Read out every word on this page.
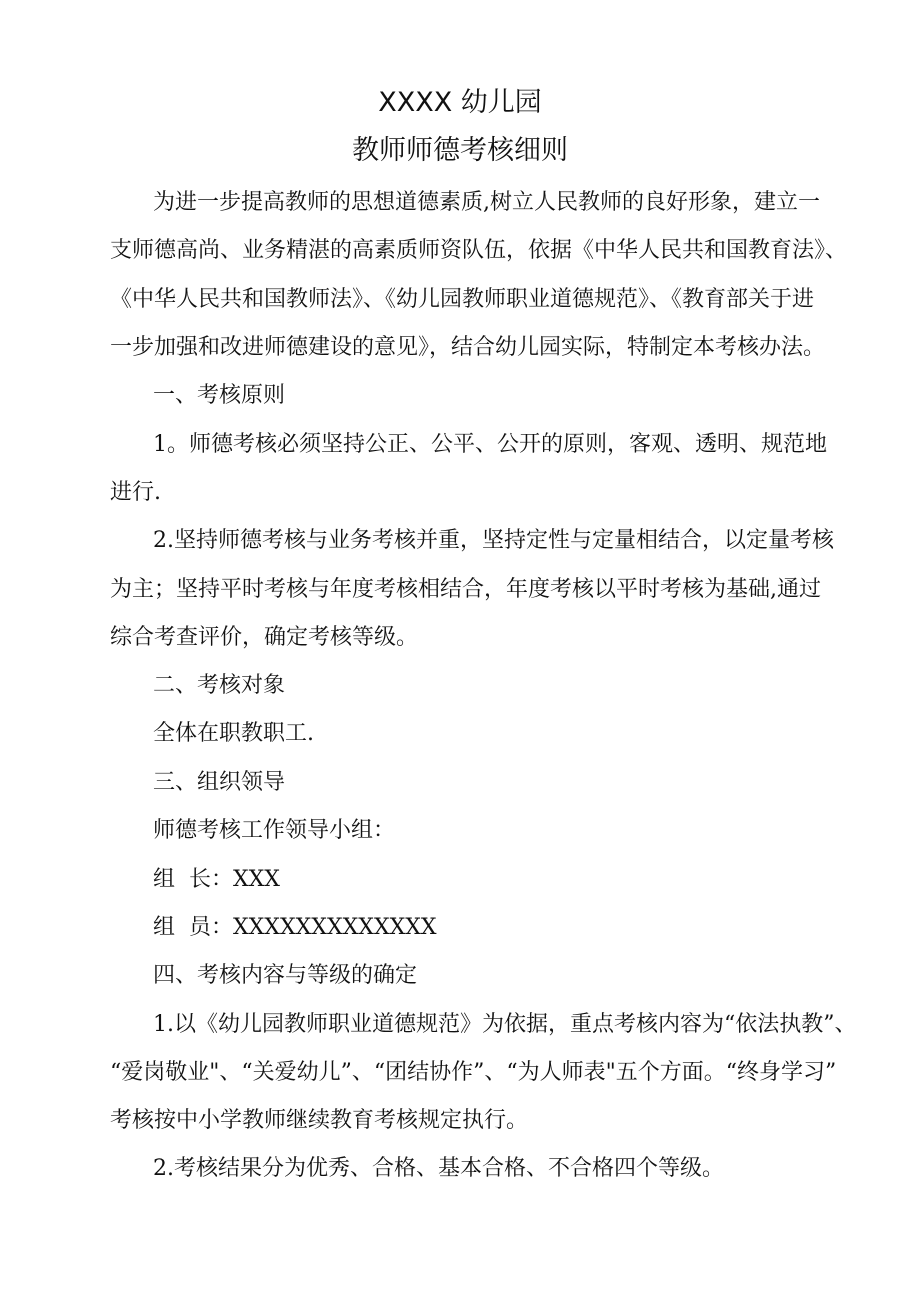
XXXX 幼儿园
教师师德考核细则
为进一步提高教师的思想道德素质,树立人民教师的良好形象，建立一
支师德高尚、业务精湛的高素质师资队伍，依据《中华人民共和国教育法》、
《中华人民共和国教师法》、《幼儿园教师职业道德规范》、《教育部关于进
一步加强和改进师德建设的意见》，结合幼儿园实际，特制定本考核办法。
一、考核原则
1。师德考核必须坚持公正、公平、公开的原则，客观、透明、规范地
进行.
2.坚持师德考核与业务考核并重，坚持定性与定量相结合，以定量考核
为主；坚持平时考核与年度考核相结合，年度考核以平时考核为基础,通过
综合考查评价，确定考核等级。
二、考核对象
全体在职教职工.
三、组织领导
师德考核工作领导小组：
组  长：XXX
组  员：XXXXXXXXXXXXX
四、考核内容与等级的确定
1.以《幼儿园教师职业道德规范》为依据，重点考核内容为“依法执教”、
“爱岗敬业"、“关爱幼儿”、“团结协作”、“为人师表"五个方面。“终身学习”
考核按中小学教师继续教育考核规定执行。
2.考核结果分为优秀、合格、基本合格、不合格四个等级。
